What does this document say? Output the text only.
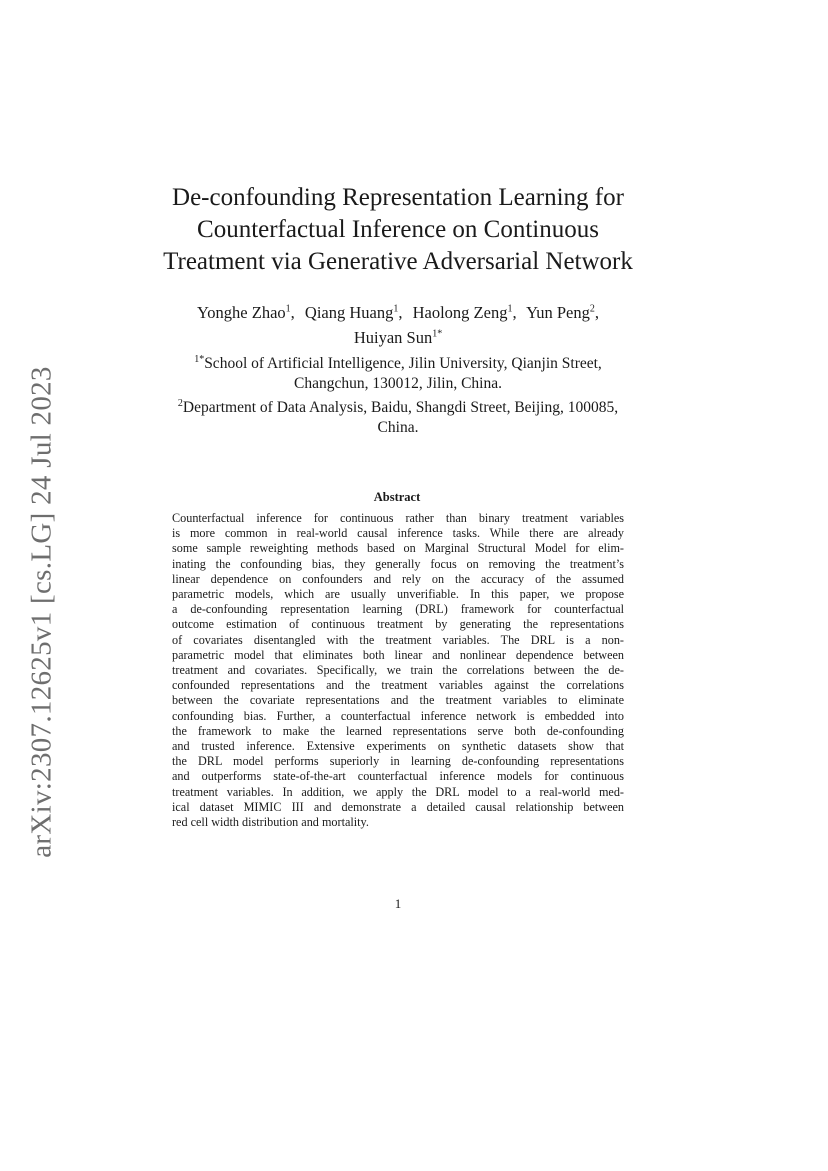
arXiv:2307.12625v1 [cs.LG] 24 Jul 2023
De-confounding Representation Learning for
Counterfactual Inference on Continuous
Treatment via Generative Adversarial Network
Yonghe Zhao$^1$, Qiang Huang$^1$, Haolong Zeng$^1$, Yun Peng$^2$,
Huiyan Sun$^{1*}$
$^{1*}$School of Artificial Intelligence, Jilin University, Qianjin Street,
Changchun, 130012, Jilin, China.
$^2$Department of Data Analysis, Baidu, Shangdi Street, Beijing, 100085,
China.
Abstract
Counterfactual inference for continuous rather than binary treatment variables
is more common in real-world causal inference tasks. While there are already
some sample reweighting methods based on Marginal Structural Model for elim-
inating the confounding bias, they generally focus on removing the treatment’s
linear dependence on confounders and rely on the accuracy of the assumed
parametric models, which are usually unverifiable. In this paper, we propose
a de-confounding representation learning (DRL) framework for counterfactual
outcome estimation of continuous treatment by generating the representations
of covariates disentangled with the treatment variables. The DRL is a non-
parametric model that eliminates both linear and nonlinear dependence between
treatment and covariates. Specifically, we train the correlations between the de-
confounded representations and the treatment variables against the correlations
between the covariate representations and the treatment variables to eliminate
confounding bias. Further, a counterfactual inference network is embedded into
the framework to make the learned representations serve both de-confounding
and trusted inference. Extensive experiments on synthetic datasets show that
the DRL model performs superiorly in learning de-confounding representations
and outperforms state-of-the-art counterfactual inference models for continuous
treatment variables. In addition, we apply the DRL model to a real-world med-
ical dataset MIMIC III and demonstrate a detailed causal relationship between
red cell width distribution and mortality.
1
